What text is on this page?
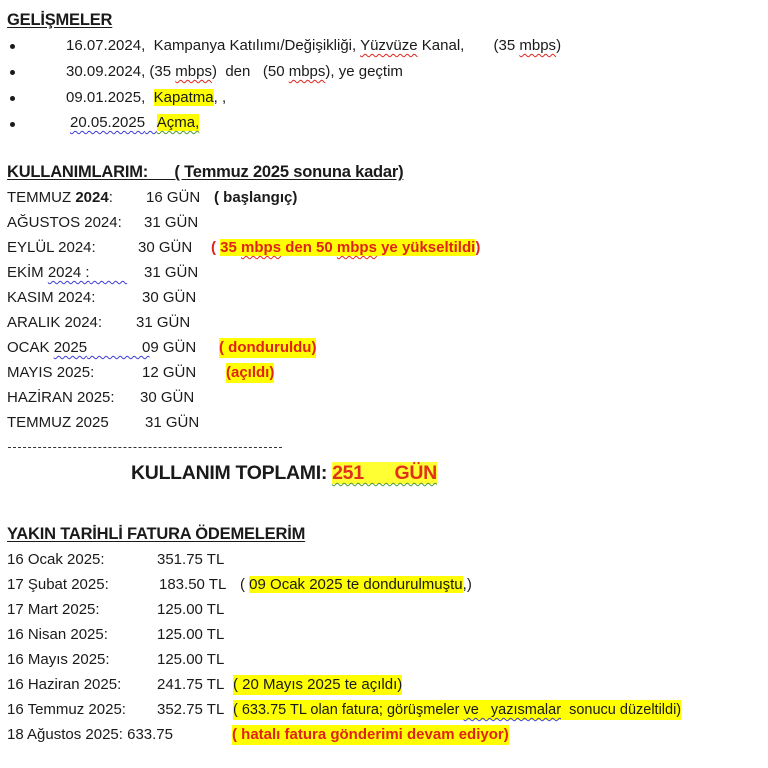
GELİŞMELER
16.07.2024, Kampanya Katılımı/Değişikliği, Yüzvüze Kanal, (35 mbps)
30.09.2024, (35 mbps) den (50 mbps), ye geçtim
09.01.2025, Kapatma, ,
20.05.2025 Açma,
KULLANIMLARIM:      ( Temmuz 2025 sonuna kadar)
TEMMUZ 2024: 16 GÜN ( başlangıç)
AĞUSTOS 2024: 31 GÜN
EYLÜL 2024:	30 GÜN ( 35 mbps den 50 mbps ye yükseltildi)
EKİM 2024 :	31 GÜN
KASIM 2024:	30 GÜN
ARALIK 2024: 31 GÜN
OCAK 2025	09 GÜN ( donduruldu)
MAYIS 2025:	12 GÜN (açıldı)
HAZİRAN 2025: 30 GÜN
TEMMUZ 2025 31 GÜN
KULLANIM TOPLAMI: 251      GÜN
YAKIN TARİHLİ FATURA ÖDEMELERİM
16 Ocak 2025:	351.75 TL
17 Şubat 2025:	183.50 TL ( 09 Ocak 2025 te dondurulmuştu,)
17 Mart 2025:	125.00 TL
16 Nisan 2025:	125.00 TL
16 Mayıs 2025:	125.00 TL
16 Haziran 2025: 241.75 TL ( 20 Mayıs 2025 te açıldı)
16 Temmuz 2025: 352.75 TL ( 633.75 TL olan fatura; görüşmeler ve   yazısmalar  sonucu düzeltildi)
18 Ağustos 2025: 633.75	( hatalı fatura gönderimi devam ediyor)
